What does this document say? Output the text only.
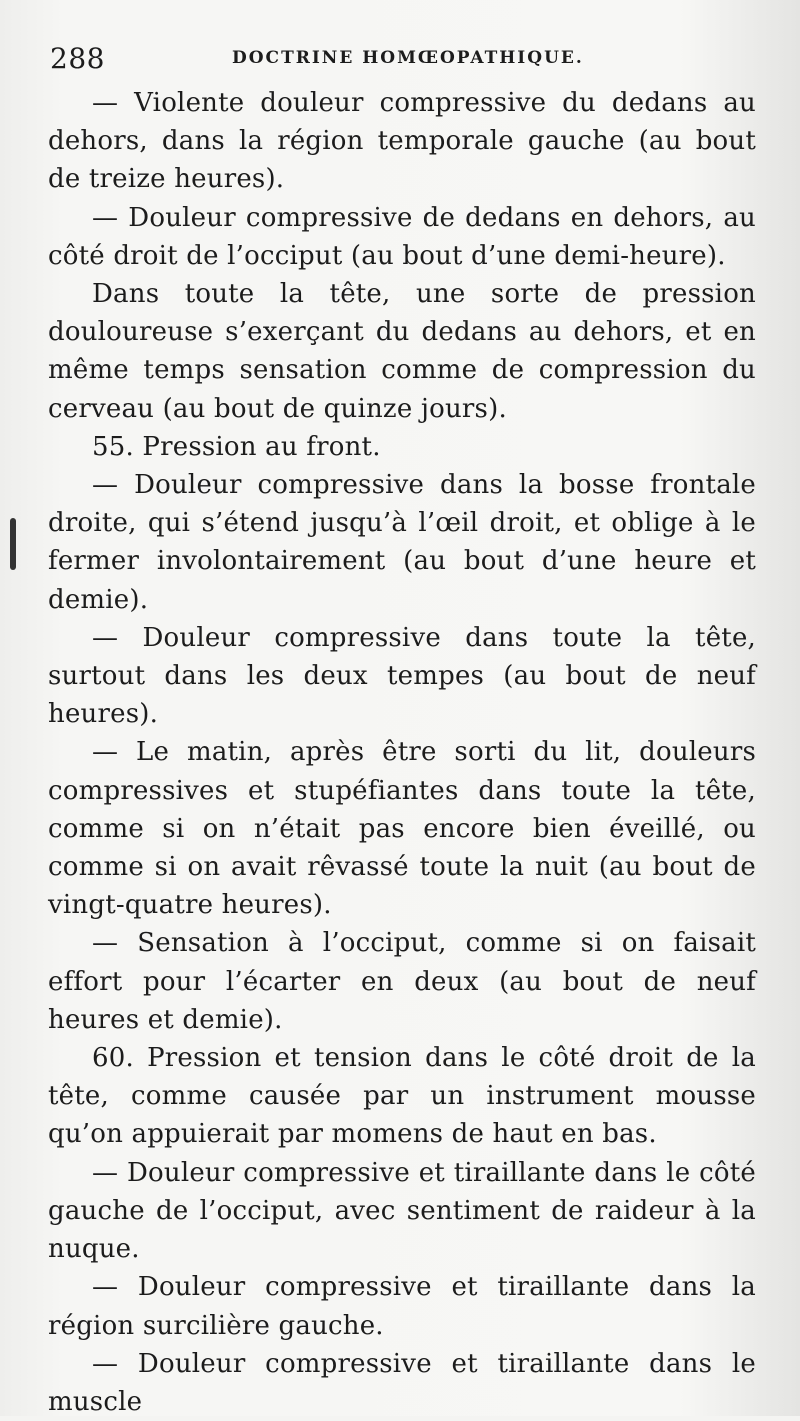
288	DOCTRINE HOMŒOPATHIQUE.

— Violente douleur compressive du dedans au dehors, dans la région temporale gauche (au bout de treize heures).

— Douleur compressive de dedans en dehors, au côté droit de l’occiput (au bout d’une demi-heure).

Dans toute la tête, une sorte de pression douloureuse s’exerçant du dedans au dehors, et en même temps sensation comme de compression du cerveau (au bout de quinze jours).

55. Pression au front.

— Douleur compressive dans la bosse frontale droite, qui s’étend jusqu’à l’œil droit, et oblige à le fermer involontairement (au bout d’une heure et demie).

— Douleur compressive dans toute la tête, surtout dans les deux tempes (au bout de neuf heures).

— Le matin, après être sorti du lit, douleurs compressives et stupéfiantes dans toute la tête, comme si on n’était pas encore bien éveillé, ou comme si on avait rêvassé toute la nuit (au bout de vingt-quatre heures).

— Sensation à l’occiput, comme si on faisait effort pour l’écarter en deux (au bout de neuf heures et demie).

60. Pression et tension dans le côté droit de la tête, comme causée par un instrument mousse qu’on appuierait par momens de haut en bas.

— Douleur compressive et tiraillante dans le côté gauche de l’occiput, avec sentiment de raideur à la nuque.

— Douleur compressive et tiraillante dans la région surcilière gauche.

— Douleur compressive et tiraillante dans le muscle
